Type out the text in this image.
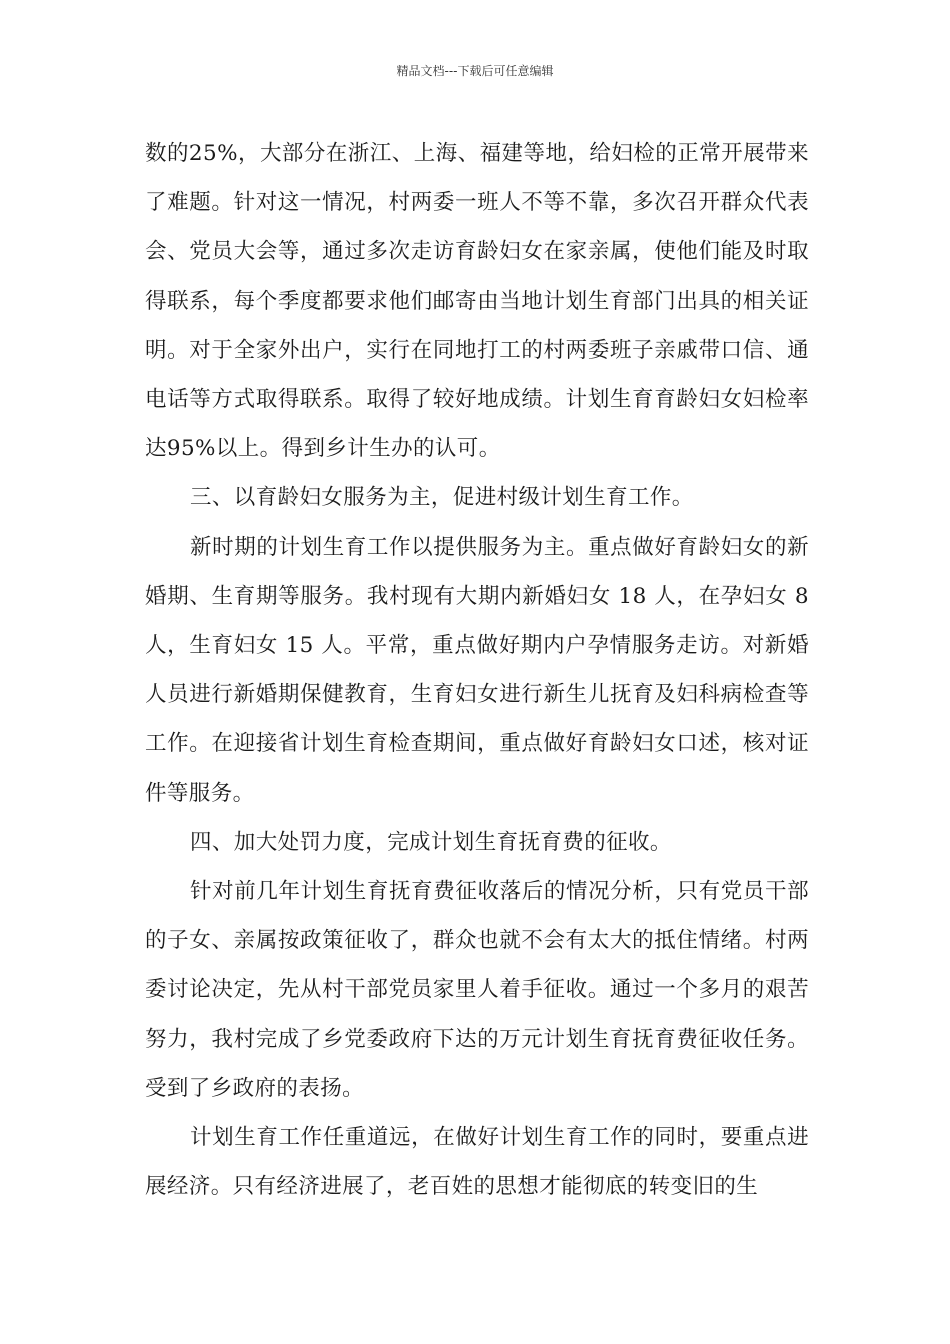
精品文档---下载后可任意编辑

数的25%，大部分在浙江、上海、福建等地，给妇检的正常开展带来了难题。针对这一情况，村两委一班人不等不靠，多次召开群众代表会、党员大会等，通过多次走访育龄妇女在家亲属，使他们能及时取得联系，每个季度都要求他们邮寄由当地计划生育部门出具的相关证明。对于全家外出户，实行在同地打工的村两委班子亲戚带口信、通电话等方式取得联系。取得了较好地成绩。计划生育育龄妇女妇检率达95%以上。得到乡计生办的认可。

三、以育龄妇女服务为主，促进村级计划生育工作。

新时期的计划生育工作以提供服务为主。重点做好育龄妇女的新婚期、生育期等服务。我村现有大期内新婚妇女 18 人，在孕妇女 8 人，生育妇女 15 人。平常，重点做好期内户孕情服务走访。对新婚人员进行新婚期保健教育，生育妇女进行新生儿抚育及妇科病检查等工作。在迎接省计划生育检查期间，重点做好育龄妇女口述，核对证件等服务。

四、加大处罚力度，完成计划生育抚育费的征收。

针对前几年计划生育抚育费征收落后的情况分析，只有党员干部的子女、亲属按政策征收了，群众也就不会有太大的抵住情绪。村两委讨论决定，先从村干部党员家里人着手征收。通过一个多月的艰苦努力，我村完成了乡党委政府下达的万元计划生育抚育费征收任务。受到了乡政府的表扬。

计划生育工作任重道远，在做好计划生育工作的同时，要重点进展经济。只有经济进展了，老百姓的思想才能彻底的转变旧的生
